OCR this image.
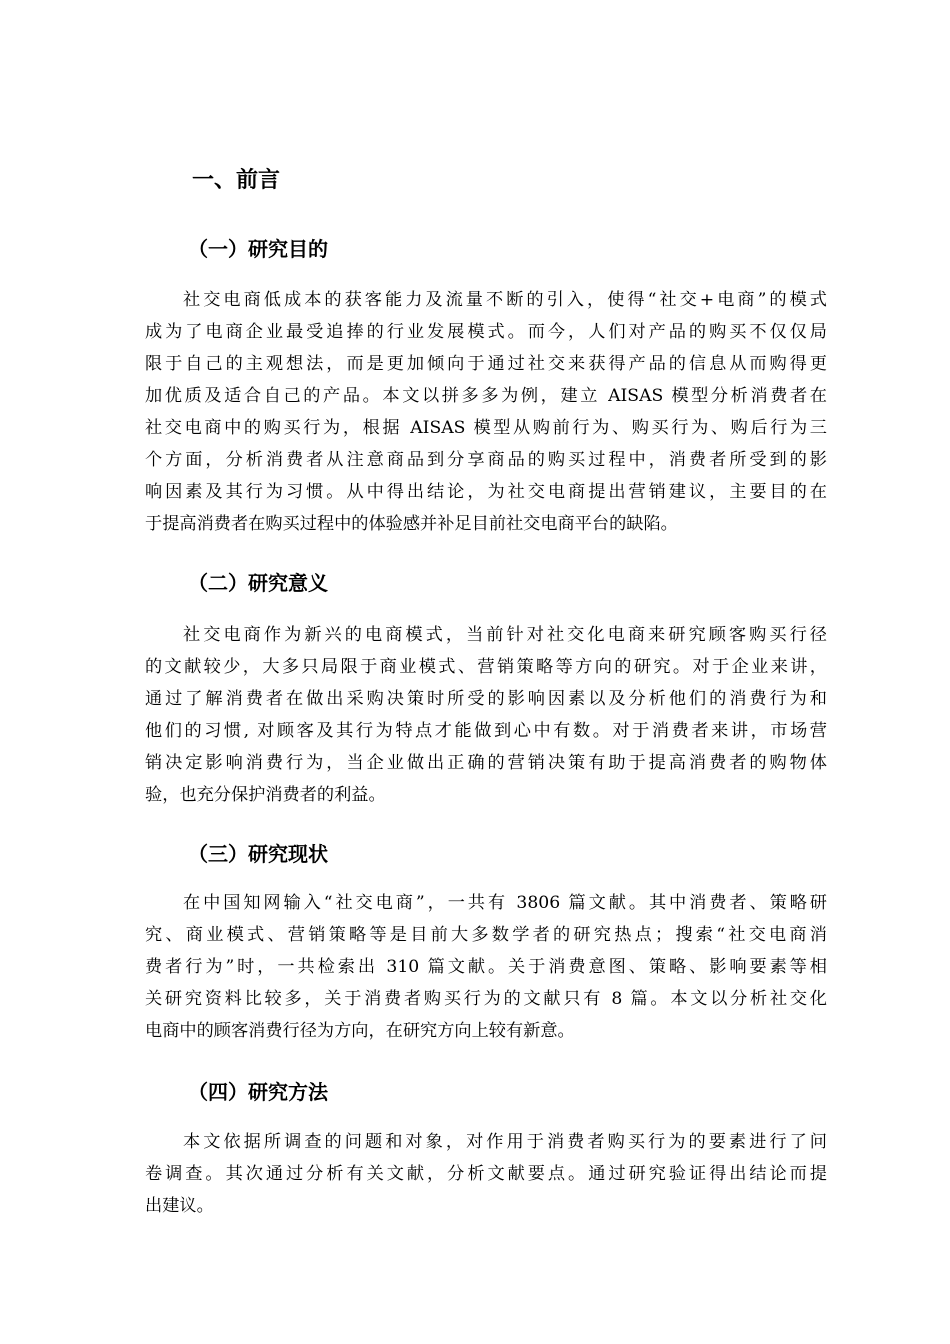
一、前言
（一）研究目的
社交电商低成本的获客能力及流量不断的引入，使得“社交+电商”的模式
成为了电商企业最受追捧的行业发展模式。而今，人们对产品的购买不仅仅局
限于自己的主观想法，而是更加倾向于通过社交来获得产品的信息从而购得更
加优质及适合自己的产品。本文以拼多多为例，建立 AISAS 模型分析消费者在
社交电商中的购买行为，根据 AISAS 模型从购前行为、购买行为、购后行为三
个方面，分析消费者从注意商品到分享商品的购买过程中，消费者所受到的影
响因素及其行为习惯。从中得出结论，为社交电商提出营销建议，主要目的在
于提高消费者在购买过程中的体验感并补足目前社交电商平台的缺陷。
（二）研究意义
社交电商作为新兴的电商模式，当前针对社交化电商来研究顾客购买行径
的文献较少，大多只局限于商业模式、营销策略等方向的研究。对于企业来讲，
通过了解消费者在做出采购决策时所受的影响因素以及分析他们的消费行为和
他们的习惯, 对顾客及其行为特点才能做到心中有数。对于消费者来讲，市场营
销决定影响消费行为，当企业做出正确的营销决策有助于提高消费者的购物体
验，也充分保护消费者的利益。
（三）研究现状
在中国知网输入“社交电商”，一共有 3806 篇文献。其中消费者、策略研
究、商业模式、营销策略等是目前大多数学者的研究热点；搜索“社交电商消
费者行为”时，一共检索出 310 篇文献。关于消费意图、策略、影响要素等相
关研究资料比较多，关于消费者购买行为的文献只有 8 篇。本文以分析社交化
电商中的顾客消费行径为方向，在研究方向上较有新意。
（四）研究方法
本文依据所调查的问题和对象，对作用于消费者购买行为的要素进行了问
卷调查。其次通过分析有关文献，分析文献要点。通过研究验证得出结论而提
出建议。
